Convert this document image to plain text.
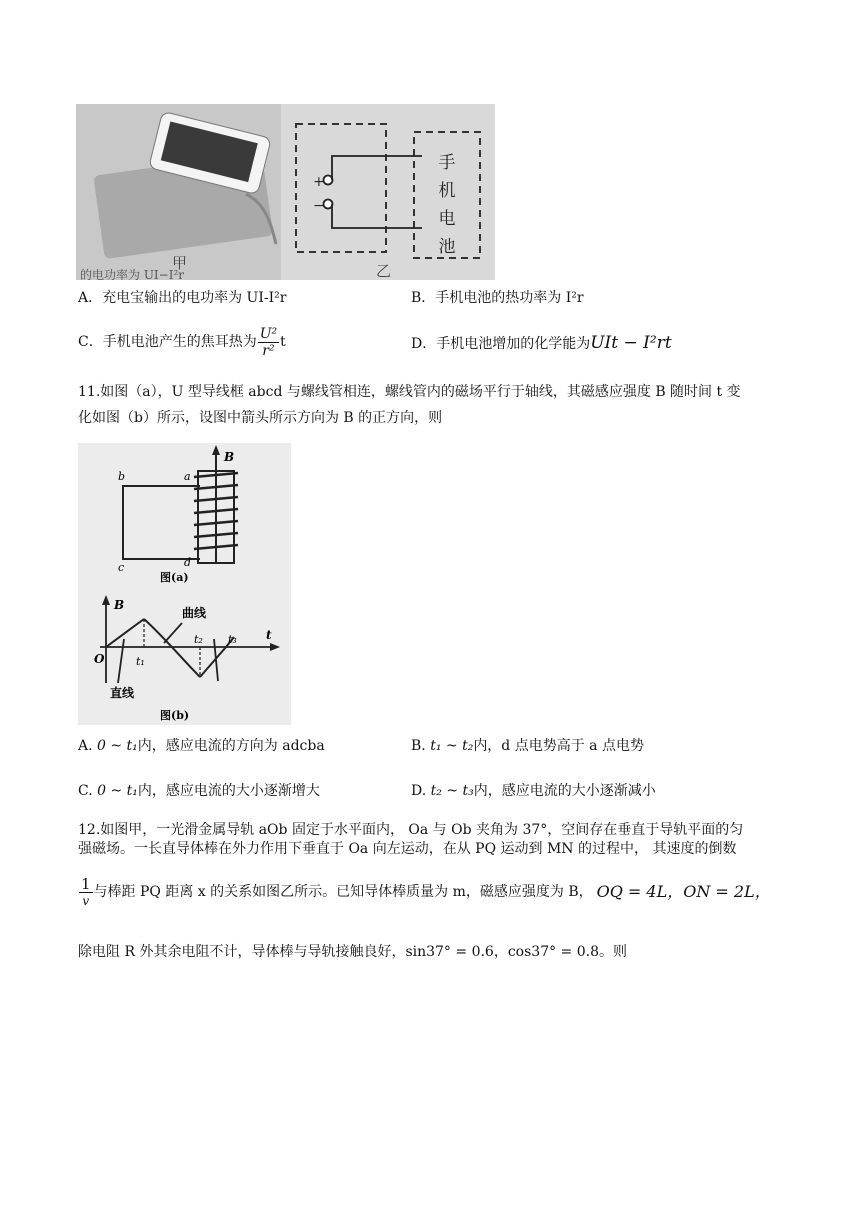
+
−
手
机
电
池
甲	乙
的电功率为 UI−I²r
A．充电宝输出的电功率为 UI-I²r	B．手机电池的热功率为 I²r
C．手机电池产生的焦耳热为 $\frac{\text{U²}}{\text{r²}}$ t	D．手机电池增加的化学能为UIt − I²rt
11.如图（a），U 型导线框 abcd 与螺线管相连，螺线管内的磁场平行于轴线，其磁感应强度 B 随时间 t 变
化如图（b）所示，设图中箭头所示方向为 B 的正方向，则
B
b	a
c	d
图(a)
B
t
O	t₁
t₂ t₃
曲线
直线
图(b)
A. 0 ~ t₁内，感应电流的方向为 adcba	B. t₁ ~ t₂内，d 点电势高于 a 点电势
C. 0 ~ t₁内，感应电流的大小逐渐增大	D. t₂ ~ t₃内，感应电流的大小逐渐减小
12.如图甲，一光滑金属导轨 aOb 固定于水平面内， Oa 与 Ob 夹角为 37°，空间存在垂直于导轨平面的匀
强磁场。一长直导体棒在外力作用下垂直于 Oa 向左运动，在从 PQ 运动到 MN 的过程中， 其速度的倒数
$\frac{1}{v}$ 与棒距 PQ 距离 x 的关系如图乙所示。已知导体棒质量为 m，磁感应强度为 B， OQ = 4L，ON = 2L，
除电阻 R 外其余电阻不计，导体棒与导轨接触良好，sin37° = 0.6，cos37° = 0.8。则
